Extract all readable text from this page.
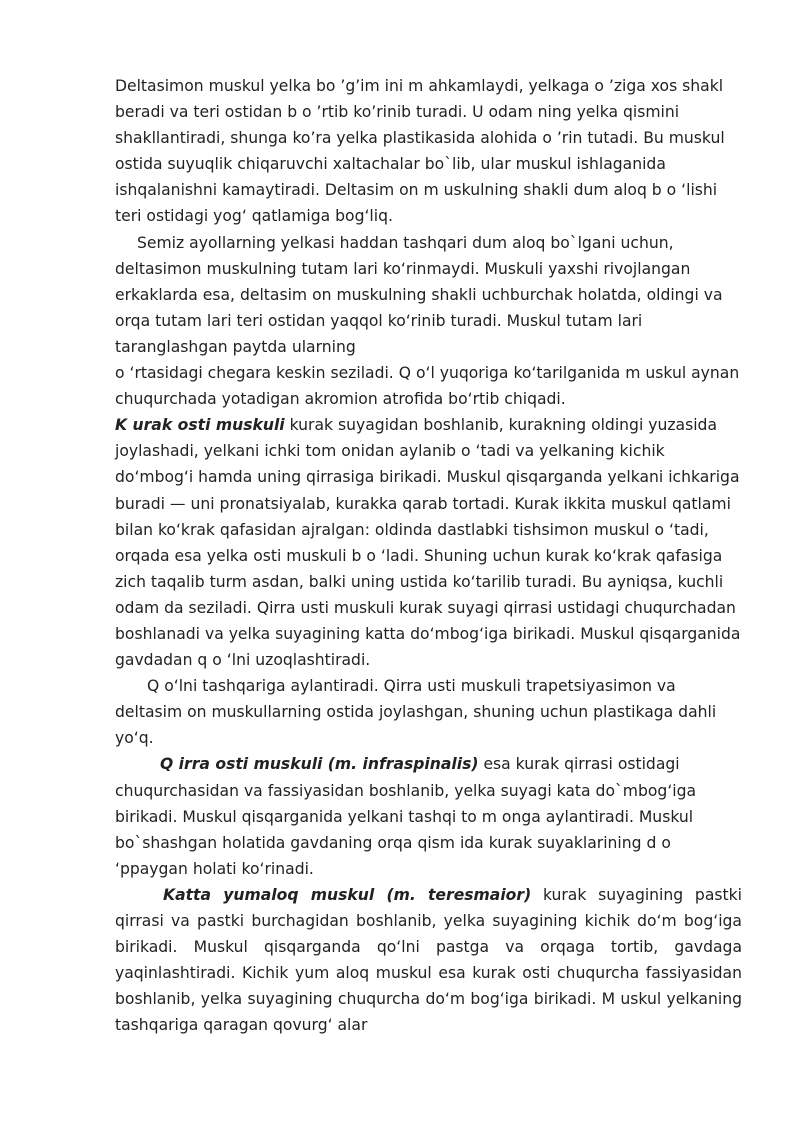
Deltasimon muskul yelka bo ’g’im ini m ahkamlaydi, yelkaga o ’ziga xos shakl beradi va teri ostidan b o ’rtib ko’rinib turadi. U odam ning yelka qismini shakllantiradi, shunga ko’ra yelka plastikasida alohida o ’rin tutadi. Bu muskul ostida suyuqlik chiqaruvchi xaltachalar bo`lib, ular muskul ishlaganida ishqalanishni kamaytiradi. Deltasim on m uskulning shakli dum aloq b o ‘lishi teri ostidagi yog‘ qatlamiga bog‘liq.

Semiz ayollarning yelkasi haddan tashqari dum aloq bo`lgani uchun, deltasimon muskulning tutam lari ko‘rinmaydi. Muskuli yaxshi rivojlangan erkaklarda esa, deltasim on muskulning shakli uchburchak holatda, oldingi va orqa tutam lari teri ostidan yaqqol ko‘rinib turadi. Muskul tutam lari taranglashgan paytda ularning

o ‘rtasidagi chegara keskin seziladi. Q o‘l yuqoriga ko‘tarilganida m uskul aynan chuqurchada yotadigan akromion atrofida bo‘rtib chiqadi.

K urak osti muskuli kurak suyagidan boshlanib, kurakning oldingi yuzasida joylashadi, yelkani ichki tom onidan aylanib o ‘tadi va yelkaning kichik do‘mbog‘i hamda uning qirrasiga birikadi. Muskul qisqarganda yelkani ichkariga buradi — uni pronatsiyalab, kurakka qarab tortadi. Kurak ikkita muskul qatlami bilan ko‘krak qafasidan ajralgan: oldinda dastlabki tishsimon muskul o ‘tadi, orqada esa yelka osti muskuli b o ‘ladi. Shuning uchun kurak ko‘krak qafasiga zich taqalib turm asdan, balki uning ustida ko‘tarilib turadi. Bu ayniqsa, kuchli odam da seziladi. Qirra usti muskuli kurak suyagi qirrasi ustidagi chuqurchadan boshlanadi va yelka suyagining katta do‘mbog‘iga birikadi. Muskul qisqarganida gavdadan q o ‘lni uzoqlashtiradi.

Q o‘lni tashqariga aylantiradi. Qirra usti muskuli trapetsiyasimon va deltasim on muskullarning ostida joylashgan, shuning uchun plastikaga dahli yo‘q.

Q irra osti muskuli (m. infraspinalis) esa kurak qirrasi ostidagi chuqurchasidan va fassiyasidan boshlanib, yelka suyagi kata do`mbog‘iga birikadi. Muskul qisqarganida yelkani tashqi to m onga aylantiradi. Muskul bo`shashgan holatida gavdaning orqa qism ida kurak suyaklarining d o ‘ppaygan holati ko‘rinadi.

Katta yumaloq muskul (m. teresmaior) kurak suyagining pastki qirrasi va pastki burchagidan boshlanib, yelka suyagining kichik do‘m bog‘iga birikadi. Muskul qisqarganda qo‘lni pastga va orqaga tortib, gavdaga yaqinlashtiradi. Kichik yum aloq muskul esa kurak osti chuqurcha fassiyasidan boshlanib, yelka suyagining chuqurcha do‘m bog‘iga birikadi. M uskul yelkaning tashqariga qaragan qovurg‘ alar
